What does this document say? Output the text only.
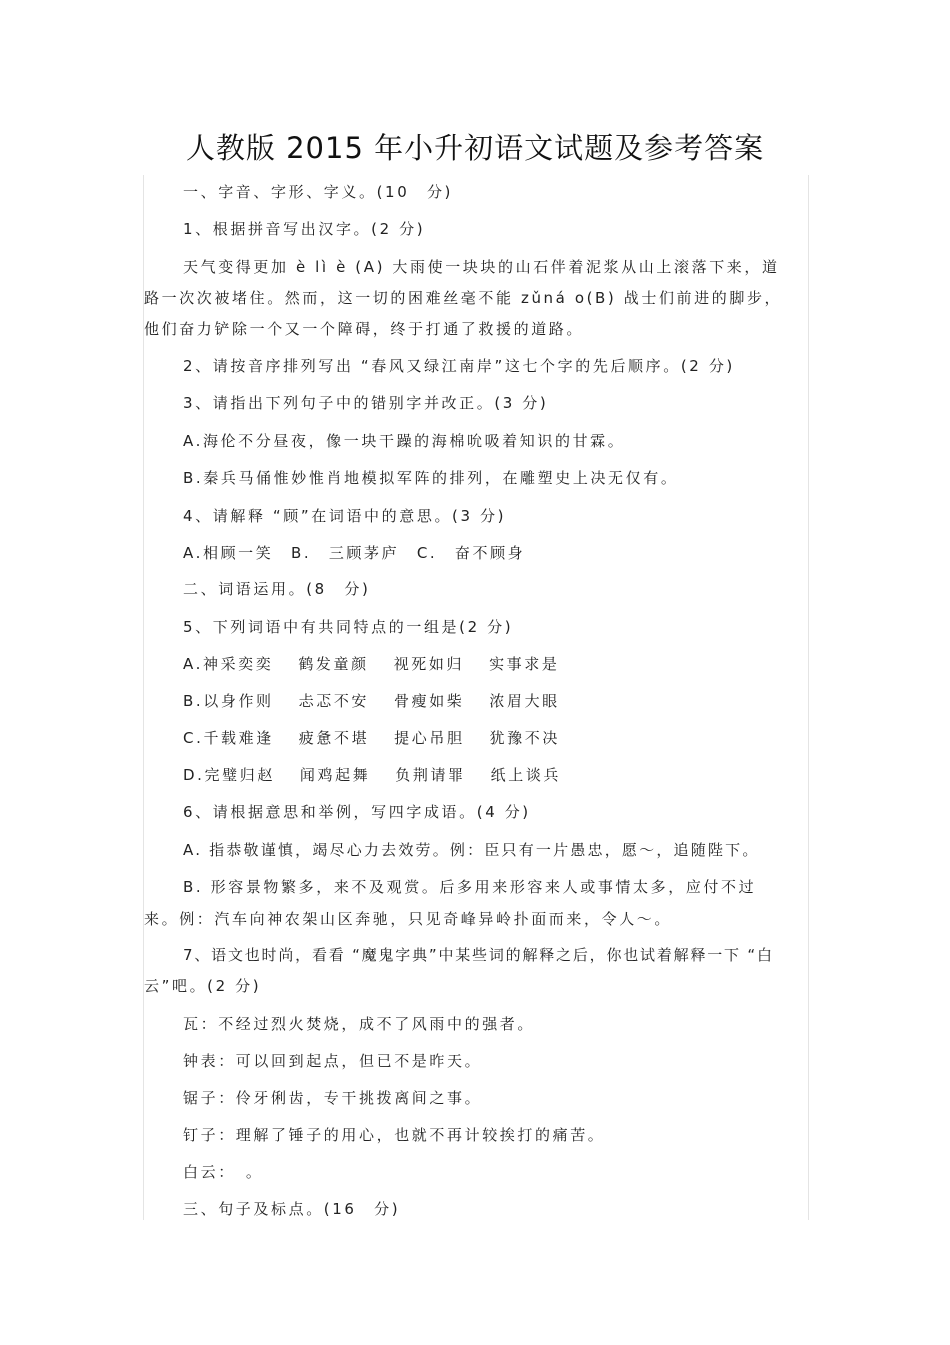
人教版 2015 年小升初语文试题及参考答案
一、字音、字形、字义。(10　分)
1、根据拼音写出汉字。(2 分)
天气变得更加 è lì è (A) 大雨使一块块的山石伴着泥浆从山上滚落下来，道
路一次次被堵住。然而，这一切的困难丝毫不能 zǔná o(B) 战士们前进的脚步，
他们奋力铲除一个又一个障碍，终于打通了救援的道路。
2、请按音序排列写出 “春风又绿江南岸”这七个字的先后顺序。(2 分)
3、请指出下列句子中的错别字并改正。(3 分)
A.海伦不分昼夜，像一块干躁的海棉吮吸着知识的甘霖。
B.秦兵马俑惟妙惟肖地模拟军阵的排列，在雕塑史上决无仅有。
4、请解释 “顾”在词语中的意思。(3 分)
A.相顾一笑　B.　三顾茅庐　C.　奋不顾身
二、词语运用。(8　分)
5、下列词语中有共同特点的一组是(2 分)
A.神采奕奕　 鹤发童颜　 视死如归　 实事求是
B.以身作则　 忐忑不安　 骨瘦如柴　 浓眉大眼
C.千载难逢　 疲惫不堪　 提心吊胆　 犹豫不决
D.完璧归赵　 闻鸡起舞　 负荆请罪　 纸上谈兵
6、请根据意思和举例，写四字成语。(4 分)
A. 指恭敬谨慎，竭尽心力去效劳。例：臣只有一片愚忠，愿～，追随陛下。
B. 形容景物繁多，来不及观赏。后多用来形容来人或事情太多，应付不过
来。例：汽车向神农架山区奔驰，只见奇峰异岭扑面而来，令人～。
7、语文也时尚，看看 “魔鬼字典”中某些词的解释之后，你也试着解释一下 “白
云”吧。(2 分)
瓦：不经过烈火焚烧，成不了风雨中的强者。
钟表：可以回到起点，但已不是昨天。
锯子：伶牙俐齿，专干挑拨离间之事。
钉子：理解了锤子的用心，也就不再计较挨打的痛苦。
白云：　。
三、句子及标点。(16　分)
